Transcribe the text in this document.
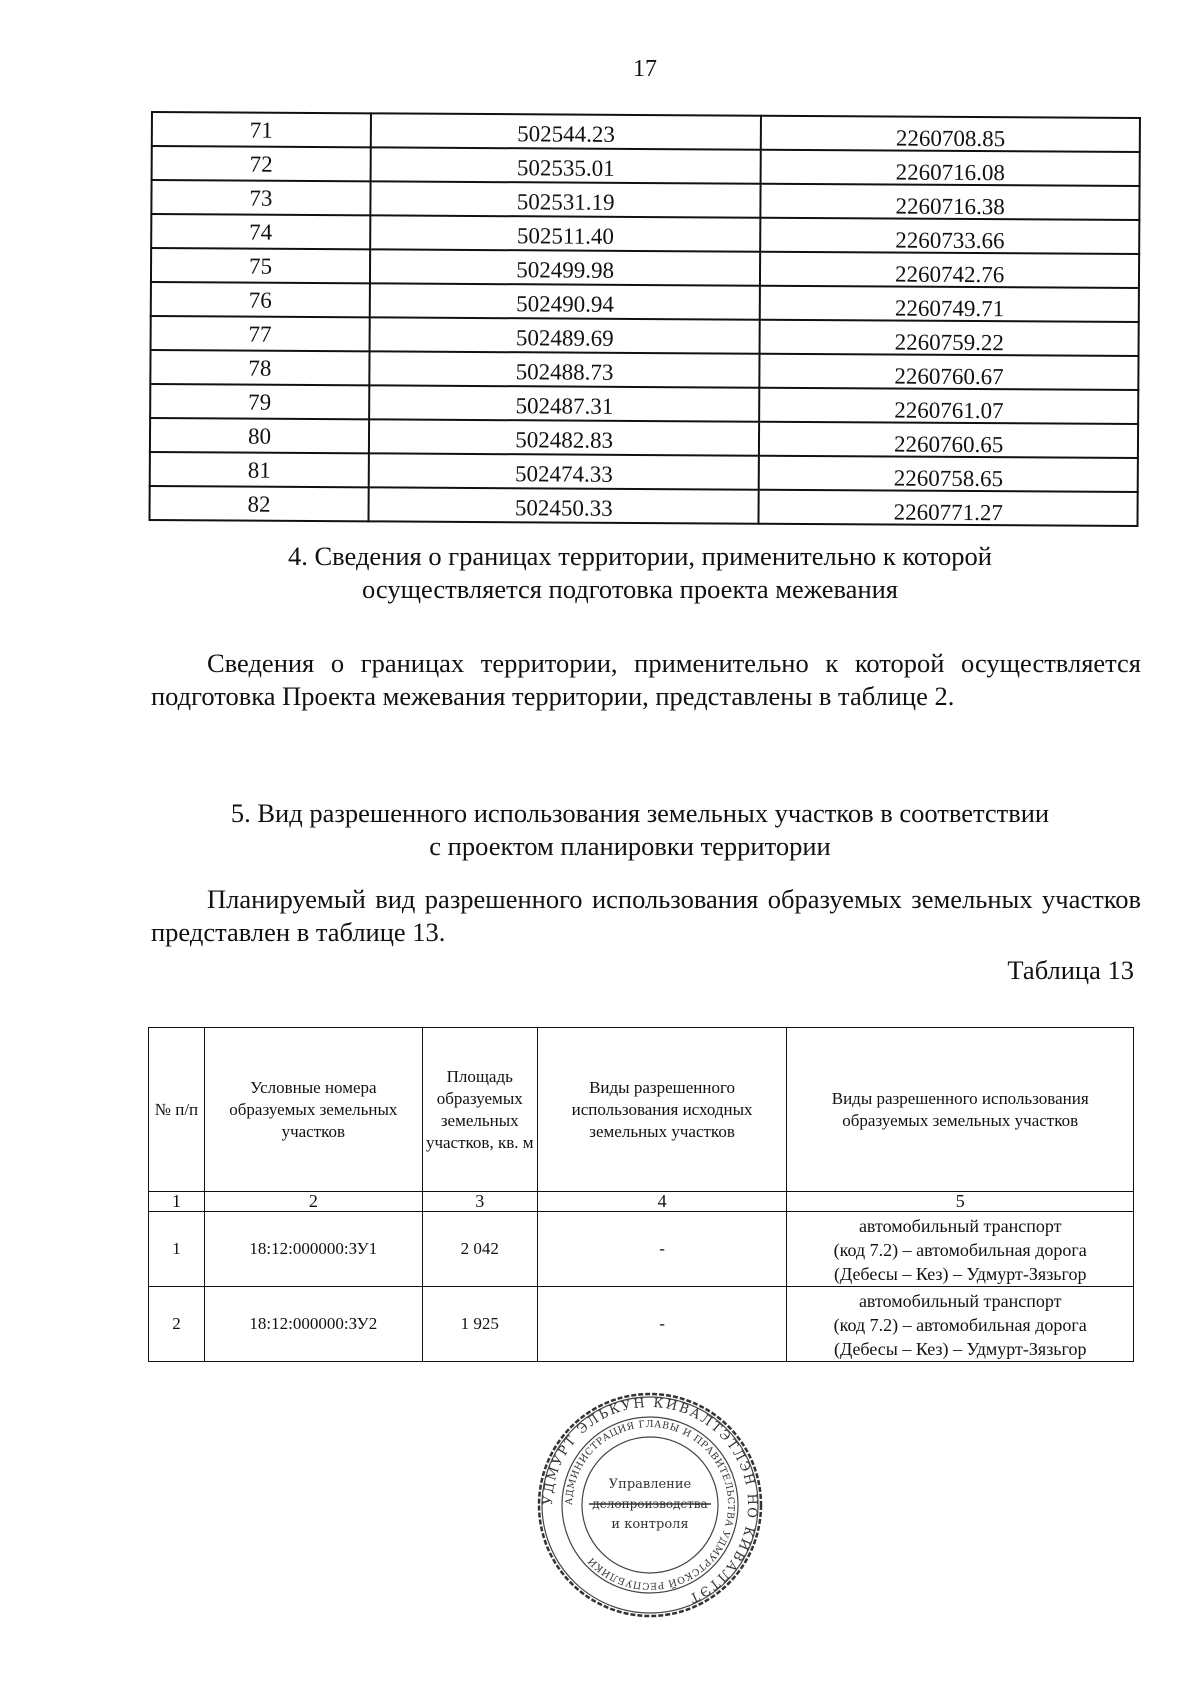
17
71	502544.23	2260708.85
72	502535.01	2260716.08
73	502531.19	2260716.38
74	502511.40	2260733.66
75	502499.98	2260742.76
76	502490.94	2260749.71
77	502489.69	2260759.22
78	502488.73	2260760.67
79	502487.31	2260761.07
80	502482.83	2260760.65
81	502474.33	2260758.65
82	502450.33	2260771.27
4. Сведения о границах территории, применительно к которой
осуществляется подготовка проекта межевания
Сведения о границах территории, применительно к которой осуществляется подготовка Проекта межевания территории, представлены в таблице 2.
5. Вид разрешенного использования земельных участков в соответствии
с проектом планировки территории
Планируемый вид разрешенного использования образуемых земельных участков представлен в таблице 13.
Таблица 13
№ п/п	Условные номера образуемых земельных участков	Площадь образуемых земельных участков, кв. м	Виды разрешенного использования исходных земельных участков	Виды разрешенного использования образуемых земельных участков
1	2	3	4	5
1	18:12:000000:ЗУ1	2 042	-	автомобильный транспорт
(код 7.2) – автомобильная дорога
(Дебесы – Кез) – Удмурт-Зязьгор

2	18:12:000000:ЗУ2	1 925	-	автомобильный транспорт
(код 7.2) – автомобильная дорога
(Дебесы – Кез) – Удмурт-Зязьгор
УДМУРТ ЭЛЬКУН КИВАЛТЭТЛЭН НО КИВАЛТЭТ
АДМИНИСТРАЦИЯ ГЛАВЫ И ПРАВИТЕЛЬСТВА УДМУРТСКОЙ РЕСПУБЛИКИ
Управление
делопроизводства
и контроля
